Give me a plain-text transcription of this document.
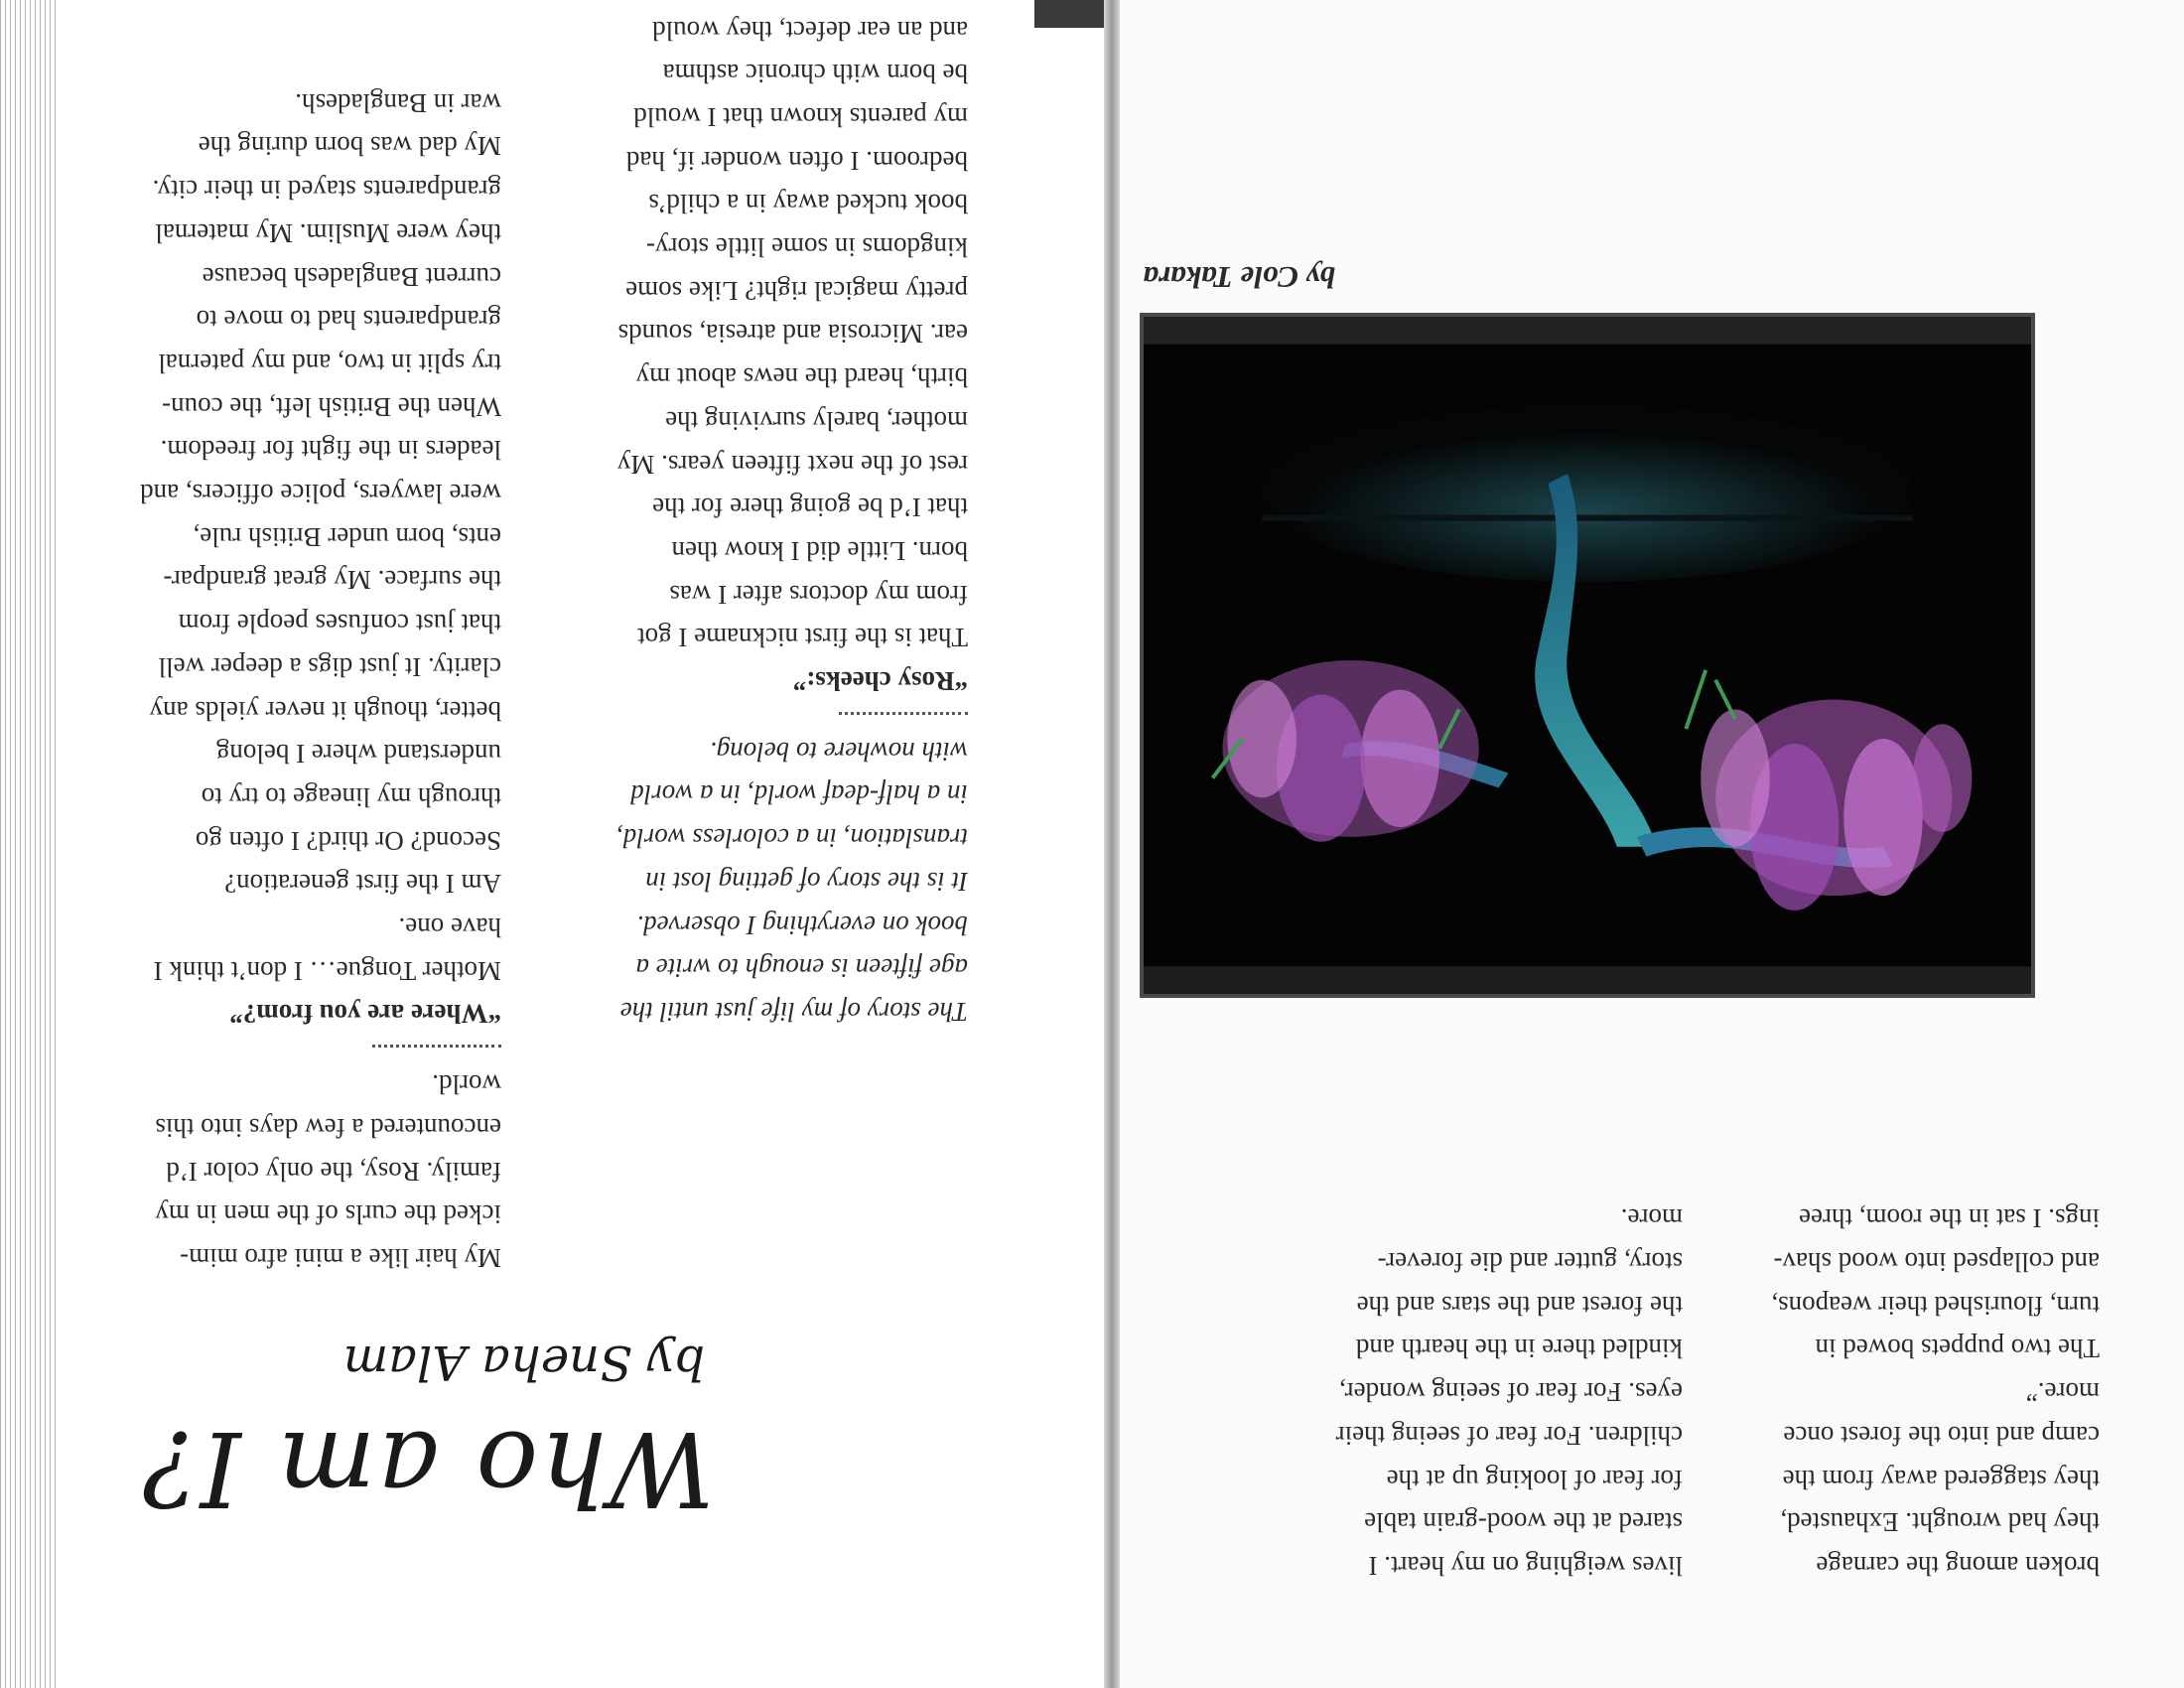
broken among the carnage

they had wrought. Exhausted,

they staggered away from the

camp and into the forest once

more.”

The two puppets bowed in

turn, flourished their weapons,

and collapsed into wood shav-

ings. I sat in the room, three

lives weighing on my heart. I

stared at the wood-grain table

for fear of looking up at the

children. For fear of seeing their

eyes. For fear of seeing wonder,

kindled there in the hearth and

the forest and the stars and the

story, gutter and die forever-

more.

by Cole Takara

The story of my life just until the

age fifteen is enough to write a

book on everything I observed.

It is the story of getting lost in

translation, in a colorless world,

in a half-deaf world, in a world

with nowhere to belong.

“Rosy cheeks:”

That is the first nickname I got

from my doctors after I was

born. Little did I know then

that I’d be going there for the

rest of the next fifteen years. My

mother, barely surviving the

birth, heard the news about my

ear. Microsia and atresia, sounds

pretty magical right? Like some

kingdoms in some little story-

book tucked away in a child’s

bedroom. I often wonder if, had

my parents known that I would

be born with chronic asthma

and an ear defect, they would

My hair like a mini afro mim-

icked the curls of the men in my

family. Rosy, the only color I’d

encountered a few days into this

world.

“Where are you from?”

Mother Tongue… I don’t think I

have one.

Am I the first generation?

Second? Or third? I often go

through my lineage to try to

understand where I belong

better, though it never yields any

clarity. It just digs a deeper well

that just confuses people from

the surface. My great grandpar-

ents, born under British rule,

were lawyers, police officers, and

leaders in the fight for freedom.

When the British left, the coun-

try split in two, and my paternal

grandparents had to move to

current Bangladesh because

they were Muslim. My maternal

grandparents stayed in their city.

My dad was born during the

war in Bangladesh.

Who am I?
by Sneha Alam
